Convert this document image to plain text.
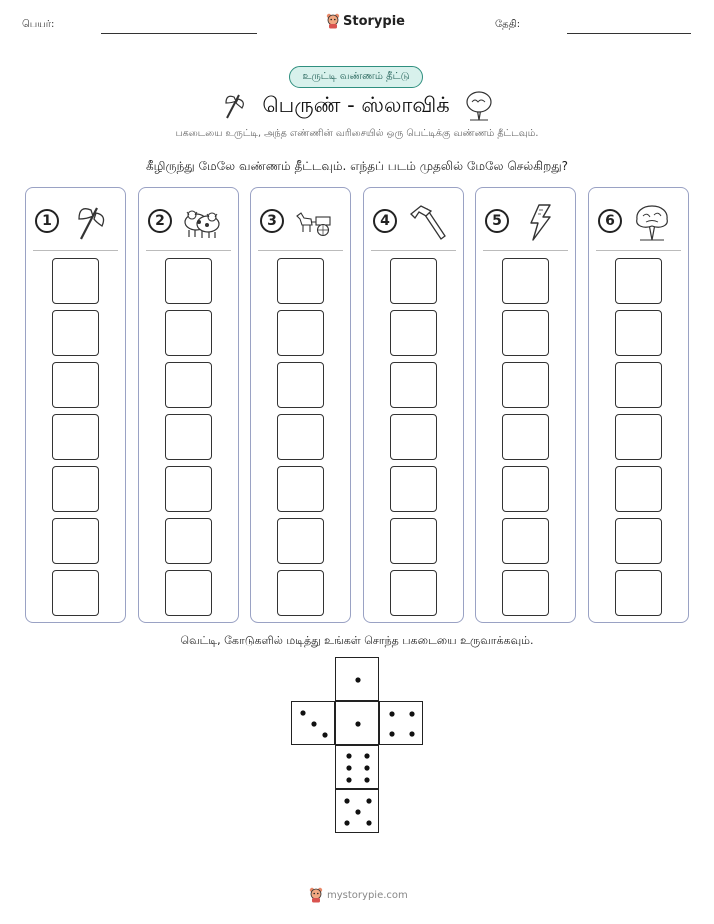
பெயர்:	Storypie	தேதி:
உருட்டி வண்ணம் தீட்டு
பெருண் - ஸ்லாவிக்
பகடையை உருட்டி, அந்த எண்ணின் வரிசையில் ஒரு பெட்டிக்கு வண்ணம் தீட்டவும்.
கீழிருந்து மேலே வண்ணம் தீட்டவும். எந்தப் படம் முதலில் மேலே செல்கிறது?
1	2	3	4	5	6
வெட்டி, கோடுகளில் மடித்து உங்கள் சொந்த பகடையை உருவாக்கவும்.
mystorypie.com
